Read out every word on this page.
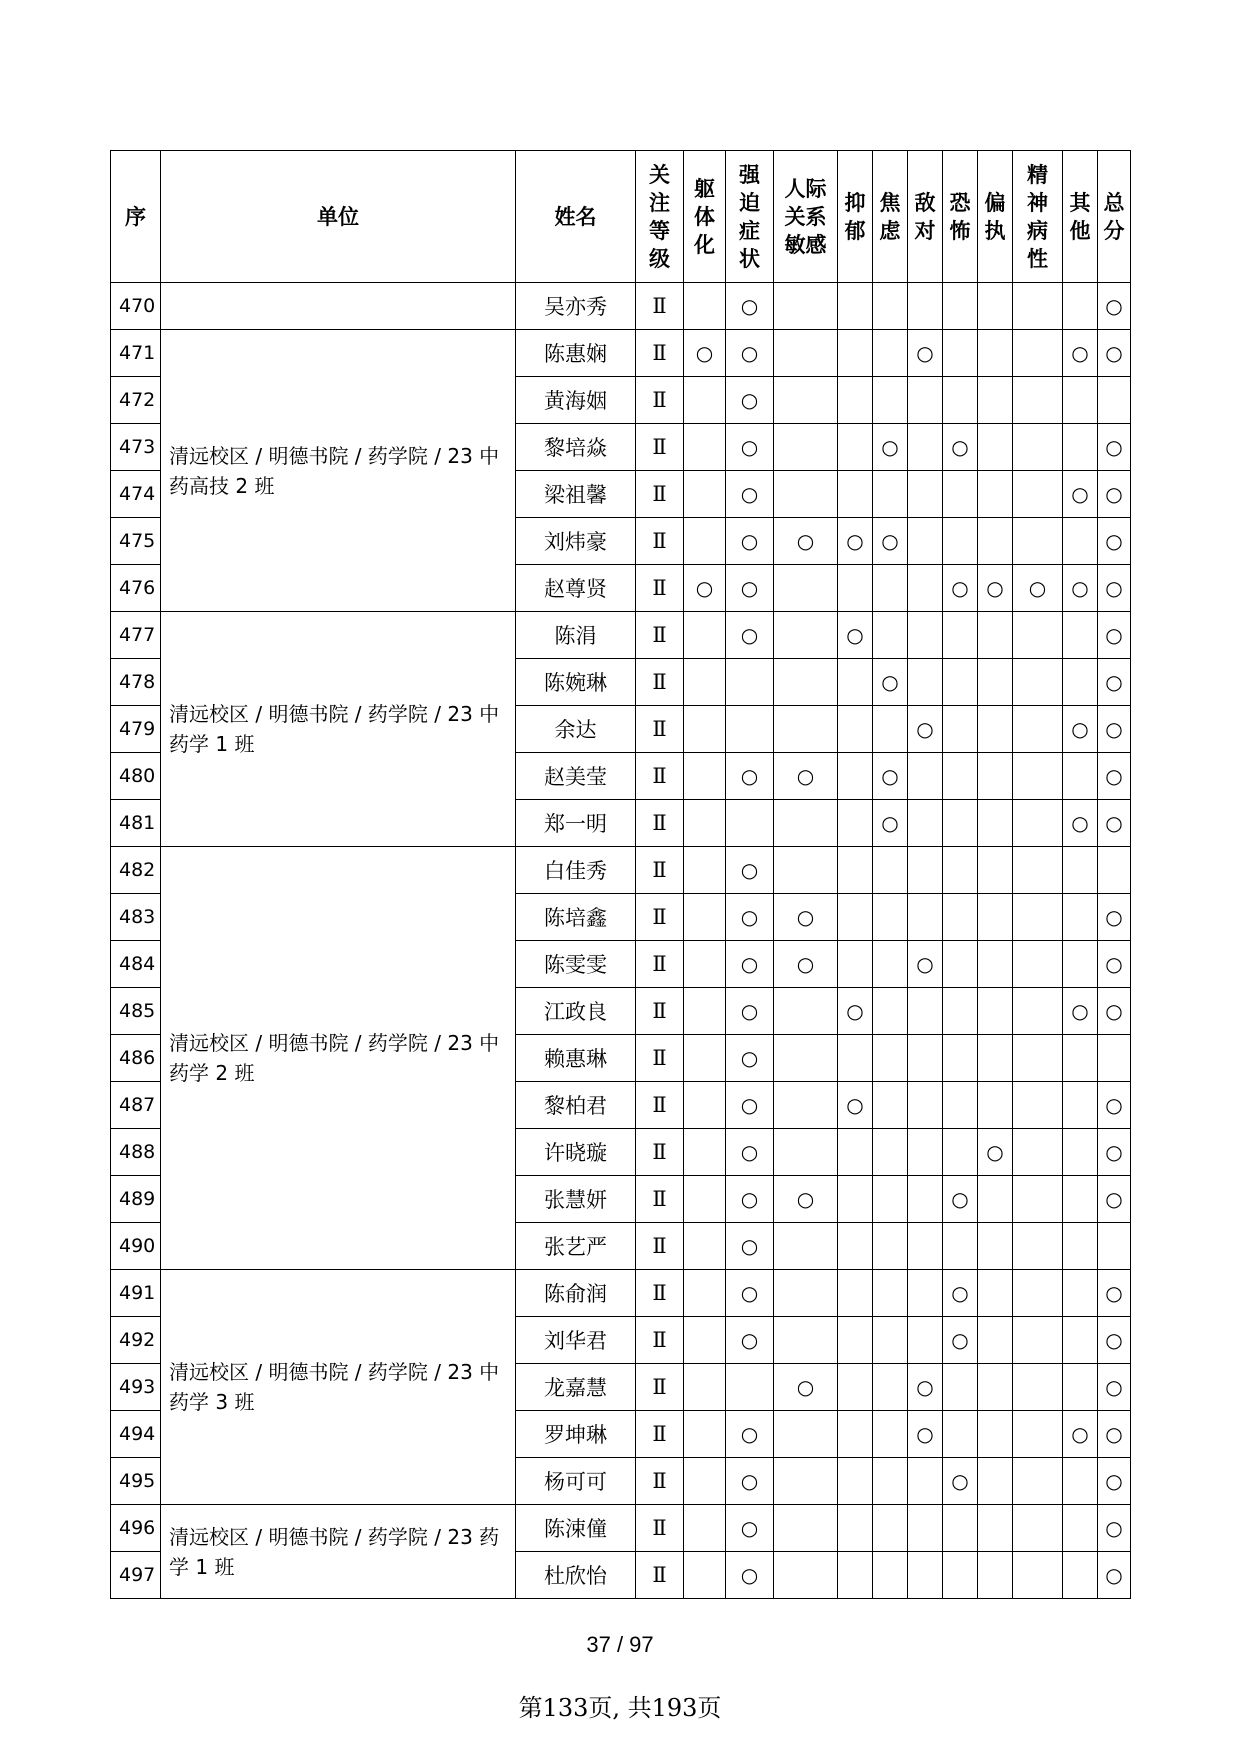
序	单位	姓名	关注等级	躯体化	强迫症状	人际关系敏感	抑郁	焦虑	敌对	恐怖	偏执	精神病性	其他	总分
470		吴亦秀	Ⅱ		○									○
471	清远校区 / 明德书院 / 药学院 / 23 中药高技 2 班	陈惠娴	Ⅱ	○	○				○				○	○
472		黄海姻	Ⅱ		○									
473		黎培焱	Ⅱ		○			○		○				○
474		梁祖馨	Ⅱ		○								○	○
475		刘炜豪	Ⅱ		○	○	○	○						○
476		赵尊贤	Ⅱ	○	○					○	○	○	○	○
477	清远校区 / 明德书院 / 药学院 / 23 中药学 1 班	陈涓	Ⅱ		○		○							○
478		陈婉琳	Ⅱ					○						○
479		余达	Ⅱ						○				○	○
480		赵美莹	Ⅱ		○	○		○						○
481		郑一明	Ⅱ					○					○	○
482	清远校区 / 明德书院 / 药学院 / 23 中药学 2 班	白佳秀	Ⅱ		○									
483		陈培鑫	Ⅱ		○	○								○
484		陈雯雯	Ⅱ		○	○			○					○
485		江政良	Ⅱ		○		○						○	○
486		赖惠琳	Ⅱ		○									
487		黎柏君	Ⅱ		○		○							○
488		许晓璇	Ⅱ		○						○			○
489		张慧妍	Ⅱ		○	○				○				○
490		张艺严	Ⅱ		○									
491	清远校区 / 明德书院 / 药学院 / 23 中药学 3 班	陈俞润	Ⅱ		○					○				○
492		刘华君	Ⅱ		○					○				○
493		龙嘉慧	Ⅱ			○			○					○
494		罗坤琳	Ⅱ		○				○				○	○
495		杨可可	Ⅱ		○					○				○
496	清远校区 / 明德书院 / 药学院 / 23 药学 1 班	陈涑僮	Ⅱ		○									○
497		杜欣怡	Ⅱ		○									○
37 / 97
第133页, 共193页
